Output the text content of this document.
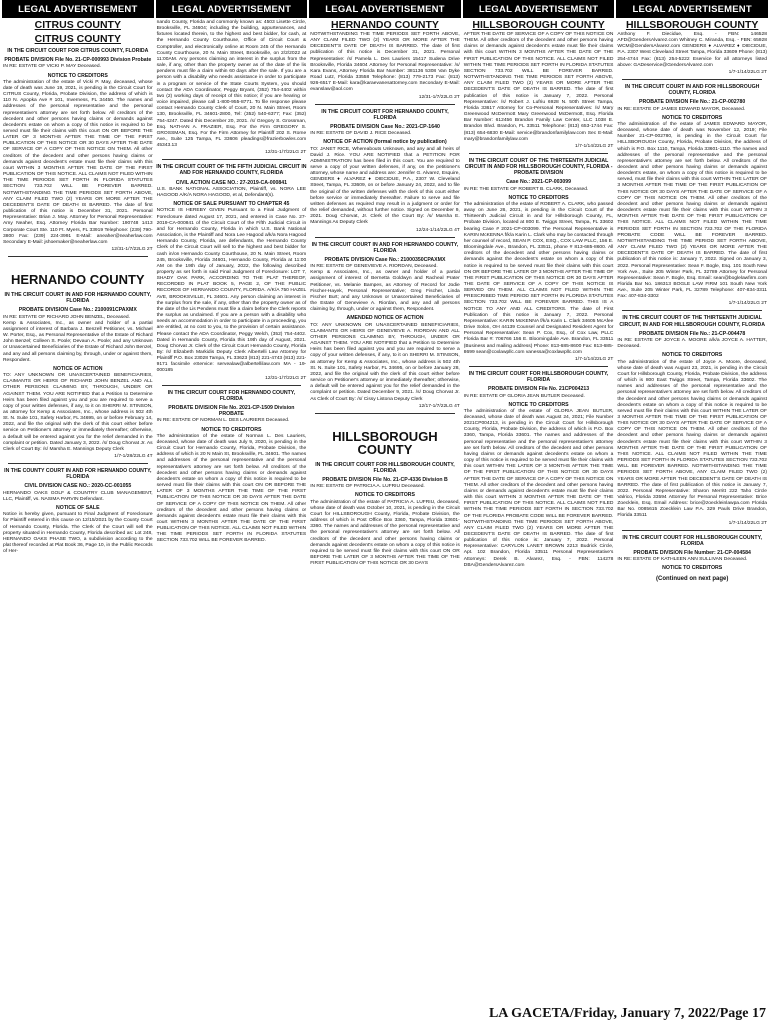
LEGAL ADVERTISEMENT
CITRUS COUNTY
CITRUS COUNTY
IN THE CIRCUIT COURT FOR CITRUS COUNTY, FLORIDA
PROBATE DIVISION File No. 21-CP-000993 Division Probate
IN RE: ESTATE OF VICKI P. MAY Deceased.
NOTICE TO CREDITORS
The administration of the estate of Vicki P. May, deceased, whose date of death was June 19, 2021, is pending in the Circuit Court for CITRUS County, Florida, Probate Division, the address of which is 110 N. Apopka Ave # 101, Inverness, FL 34450. The names and addresses of the personal representative and the personal representative's attorney are set forth below. All creditors of the decedent and other persons having claims or demands against decedent's estate on whom a copy of this notice is required to be served must file their claims with this court ON OR BEFORE THE LATER OF 3 MONTHS AFTER THE TIME OF THE FIRST PUBLICATION OF THIS NOTICE OR 30 DAYS AFTER THE DATE OF SERVICE OF A COPY OF THIS NOTICE ON THEM. All other creditors of the decedent and other persons having claims or demands against decedent's estate must file their claims with this court WITHIN 3 MONTHS AFTER THE DATE OF THE FIRST PUBLICATION OF THIS NOTICE. ALL CLAIMS NOT FILED WITHIN THE TIME PERIODS SET FORTH IN FLORIDA STATUTES SECTION 733.702 WILL BE FOREVER BARRED. NOTWITHSTANDING THE TIME PERIODS SET FORTH ABOVE, ANY CLAIM FILED TWO (2) YEARS OR MORE AFTER THE DECEDENT'S DATE OF DEATH IS BARRED. The date of first publication of this notice is December 31, 2021. Personal Representative: Brian J. May. Attorney for Personal Representative: Amy Neaher, Esq. Attorney Florida Bar Number: 190748 1413 Corporate Court Ste. 110 Ft. Myers, FL 33919 Telephone: (239) 790-3800 Fax: (239) 224-3991 E-Mail: aneaher@neaherlaw.com Secondary E-Mail: jshoemaker@neaherlaw.com
12/31-1/7/22LG 2T
HERNANDO COUNTY
IN THE CIRCUIT COURT IN AND FOR HERNANDO COUNTY, FLORIDA
PROBATE DIVISION Case No.: 2100091CPAXMX
IN RE: ESTATE OF RICHARD JOHN BENZEL, Deceased.
Kemp & Associates, Inc., as owner and holder of a partial assignment of interest of Barbara J. Benzell Petitioner, vs. Michael W. Porter, Esq., as Personal Representative of the Estate of Richard John Benzel; Colleen S. Poole; Devaun A. Poole; and any Unknown or Unascertained Beneficiaries of the Estate of Richard John Benzel, and any and all persons claiming by, through, under or against them, Respondent.
NOTICE OF ACTION
TO: ANY UNKNOWN OR UNASCERTAINED BENEFICIARIES, CLAIMANTS OR HEIRS OF RICHARD JOHN BENZEL AND ALL OTHER PERSONS CLAIMING BY, THROUGH, UNDER OR AGAINST THEM. YOU ARE NOTIFIED that a Petition to Determine Heirs has been filed against you and you are required to serve a copy of your written defenses, if any, to it on SHERRI M. STINSON, as attorney for Kemp & Associates, Inc., whose address is 502 4th St. N. Suite 101, Safety Harbor, FL 34695, on or before February 14, 2022, and file the original with the clerk of this court either before service on Petitioner's attorney or immediately thereafter; otherwise, a default will be entered against you for the relief demanded in the complaint or petition. Dated January 3, 2022. /s/ Doug Chorvat Jr. As Clerk of Court By: /s/ Marsha E. Mannings Deputy Clerk
1/7-1/28/22LG 4T
IN THE COUNTY COURT IN AND FOR HERNANDO COUNTY, FLORIDA
CIVIL DIVISION CASE NO.: 2020-CC-001055
HERNANDO OAKS GOLF & COUNTRY CLUB MANAGEMENT, LLC, Plaintiff, vs. NASIMA PARVIN Defendant.
NOTICE OF SALE
Notice is hereby given, pursuant to Final Judgment of Foreclosure for Plaintiff entered in this cause on 12/15/2021 by the County Court of Hernando County, Florida. The Clerk of the Court will sell the property situated in Hernando County, Florida described as: Lot 248, HERNANDO OAKS PHASE TWO, a subdivision according to the plat thereof recorded at Plat Book 36, Page 10, in the Public Records of Her-
LEGAL ADVERTISEMENT
nando County, Florida and commonly known as: 4503 Lisette Circle, Brooksville, FL 34604; including the building, appurtenances, and fixtures located therein, to the highest and best bidder, for cash, at the Hernando County Courthouse, Office of Circuit Court & Comptroller, and electronically online at Room 245 of the Hernando County Courthouse, 20 N. Main Street, Brooksville, on 2/2/2022 at 11:00AM. Any persons claiming an interest in the surplus from the sale, if any, other than the property owner as of the date of the lis pendens must file a claim within 60 days after the sale. If you are a person with a disability who needs assistance in order to participate in a program or service of the State Courts System, you should contact the ADA Coordinator, Peggy Bryant, (352) 754-4402 within two (2) working days of receipt of this notice; if you are hearing or voice impaired, please call 1-800-955-8771. To file response please contact Hernando County Clerk of Court, 20 N. Main Street, Room 130, Brooksville, FL 34601-2800, Tel: (352) 540-6377; Fax: (352) 754-4247. Dated this December 20, 2021. /s/ Gregory S. Grossman, Esq. NATHAN A. FRAZIER, Esq. For the Firm GREGORY S. GROSSMAN, Esq. For the Firm Attorney for Plaintiff 202 S. Rome Ave., Suite 125 Tampa, FL 33606 pleadings@frazierbowles.com 45343.13
12/31-1/7/22LG 2T
IN THE CIRCUIT COURT OF THE FIFTH JUDICIAL CIRCUIT IN AND FOR HERNANDO COUNTY, FLORIDA
CIVIL ACTION CASE NO.: 27-2019-CA-000841
U.S. BANK NATIONAL ASSOCIATION, Plaintiff, vs. NORA LEE HAGOOD A/K/A NORA HAGOOD, et al, Defendant(s).
NOTICE OF SALE PURSUANT TO CHAPTER 45
NOTICE IS HEREBY GIVEN Pursuant to a Final Judgment of Foreclosure dated August 17, 2021, and entered in Case No. 27-2019-CA-000841 of the Circuit Court of the Fifth Judicial Circuit in and for Hernando County, Florida in which U.S. Bank National Association, is the Plaintiff and Nora Lee Hagood a/k/a Nora Hagood Hernando County, Florida, are defendants, the Hernando County Clerk of the Circuit Court will sell to the highest and best bidder for cash in/on Hernando County Courthouse, 20 N. Main Street, Room 245, Brooksville, Florida 34601, Hernando County, Florida at 11:00 AM on the 19th day of January, 2022, the following described property as set forth in said Final Judgment of Foreclosure: LOT 7, SHADY OAK PARK, ACCORDING TO THE PLAT THEREOF, RECORDED IN PLAT BOOK 5, PAGE 2, OF THE PUBLIC RECORDS OF HERNANDO COUNTY, FLORIDA. A/K/A 750 HAZEL AVE, BROOKSVILLE, FL 34601. Any person claiming an interest in the surplus from the sale, if any, other than the property owner as of the date of the Lis Pendens must file a claim before the Clerk reports the surplus as unclaimed. If you are a person with a disability who needs an accommodation in order to participate in a proceeding, you are entitled, at no cost to you, to the provision of certain assistance. Please contact the ADA Coordinator, Peggy Welch, (352) 754-4402. Dated in Hernando County, Florida this 19th day of August, 2021. Doug Chorvat Jr. Clerk of the Circuit Court Hernando County, Florida By: /s/ Elizabeth Markidis Deputy Clerk Albertelli Law Attorney for Plaintiff P.O. Box 23028 Tampa, FL 33623 (813) 221-4743 (813) 221-9171 facsimile eService: servealaw@albertellilaw.com MA - 19-000185
12/31-1/7/22LG 2T
IN THE CIRCUIT COURT FOR HERNANDO COUNTY, FLORIDA
PROBATE DIVISION File No. 2021-CP-1509 Division PROBATE
IN RE: ESTATE OF NORMAN L. DES LAURIERS Deceased.
NOTICE TO CREDITORS
The administration of the estate of Norman L. Des Lauriers, deceased, whose date of death was July 9, 2020, is pending in the Circuit Court for Hernando County, Florida, Probate Division, the address of which is 20 N Main St, Brooksville, FL 34601. The names and addresses of the personal representative and the personal representative's attorney are set forth below. All creditors of the decedent and other persons having claims or demands against decedent's estate on whom a copy of this notice is required to be served must file their claims with this court ON OR BEFORE THE LATER OF 3 MONTHS AFTER THE TIME OF THE FIRST PUBLICATION OF THIS NOTICE OR 30 DAYS AFTER THE DATE OF SERVICE OF A COPY OF THIS NOTICE ON THEM. All other creditors of the decedent and other persons having claims or demands against decedent's estate must file their claims with this court WITHIN 3 MONTHS AFTER THE DATE OF THE FIRST PUBLICATION OF THIS NOTICE. ALL CLAIMS NOT FILED WITHIN THE TIME PERIODS SET FORTH IN FLORIDA STATUTES SECTION 733.702 WILL BE FOREVER BARRED.
LEGAL ADVERTISEMENT
HERNANDO COUNTY
NOTWITHSTANDING THE TIME PERIODS SET FORTH ABOVE, ANY CLAIM FILED TWO (2) YEARS OR MORE AFTER THE DECEDENT'S DATE OF DEATH IS BARRED. The date of first publication of this notice is December 31, 2021. Personal Representative: /s/ Pamela L. Des Lauriers 15417 Sudena Drive Brooksville, Florida 34604 Attorney for Personal Representative: /s/ Kara Evans, Attorney Florida Bar Number: 381136 5308 Van Dyke Road Lutz, Florida 33558 Telephone: (813) 779-2173 Fax: (813) 926-6517 E-Mail: kara@karaevanesattorney.com Secondary E-Mail: evanslaw@aol.com
12/31-1/7/22LG 2T
IN THE CIRCUIT COURT FOR HERNANDO COUNTY, FLORIDA
PROBATE DIVISION Case No.: 2021-CP-1640
IN RE: ESTATE OF DAVID J. RICE Deceased.
NOTICE OF ACTION (formal notice by publication)
TO: JANET RICE, Whereabouts Unknown, and any and all heirs of David J. Rice. YOU ARE NOTIFIED that a PETITION FOR ADMINISTRATION has been filed in this court. You are required to serve a copy of your written defenses, if any, on the petitioner's attorney, whose name and address are: Jennifer G. Alvarez, Esquire, GENDERS ♦ ALVAREZ ♦ DIECIDUE, P.A., 2307 W. Cleveland Street, Tampa, FL 33609, on or before January 24, 2022, and to file the original of the written defenses with the clerk of this court either before service or immediately thereafter. Failure to serve and file written defenses as required may result in a judgment or order for the relief demanded, without further notice. Signed on December 9, 2021. Doug Chorvat, Jr. Clerk of the Court By: /s/ Marsha E. Mannings As Deputy Clerk
12/24-1/14/22LG 4T
IN THE CIRCUIT COURT IN AND FOR HERNANDO COUNTY, FLORIDA
PROBATE DIVISION Case No.: 21000350CPAXMX
IN RE: ESTATE OF GENEVIEVE A. RIORDAN, Deceased.
Kemp & Associates, Inc., as owner and holder of a partial assignment of interest of Bernetta Goldwyn and Racheal Prater Petitioner, vs. Melanie Bampes, as Attorney of Record for Jodie Fischer-Hayek, Personal Representative; Greg Fischer, Linda Fischer Burt; and any Unknown or Unascertained Beneficiaries of the Estate of Genevieve A. Riordan, and any and all persons claiming by, through, under or against them, Respondent.
AMENDED NOTICE OF ACTION
TO: ANY UNKNOWN OR UNASCERTAINED BENEFICIARIES, CLAIMANTS OR HEIRS OF GENEVIEVE A. RIORDAN AND ALL OTHER PERSONS CLAIMING BY, THROUGH, UNDER OR AGAINST THEM. YOU ARE NOTIFIED that a Petition to Determine Heirs has been filed against you and you are required to serve a copy of your written defenses, if any, to it on SHERRI M. STINSON, as attorney for Kemp & Associates, Inc., whose address is 502 4th St. N. Suite 101, Safety Harbor, FL 34695, on or before January 28, 2022, and file the original with the clerk of this court either before service on Petitioner's attorney or immediately thereafter; otherwise, a default will be entered against you for the relief demanded in the complaint or petition. Dated December 9, 2021. /s/ Doug Chorvat Jr. As Clerk of Court By: /s/ Cissy Listona Deputy Clerk
12/17-1/7/22LG 4T
HILLSBOROUGH COUNTY
IN THE CIRCUIT COURT FOR HILLSBOROUGH COUNTY, FLORIDA
PROBATE DIVISION File No. 21-CP-4336 Division B
IN RE: ESTATE OF PATRICIA A. LUFRIU Deceased.
NOTICE TO CREDITORS
The administration of the estate of PATRICIA A. LUFRIU, deceased, whose date of death was October 10, 2021, is pending in the Circuit Court for HILLSBOROUGH County, Florida, Probate Division, the address of which is Post Office Box 3360, Tampa, Florida 33601-3360. The names and addresses of the personal representative and the personal representative's attorney are set forth below. All creditors of the decedent and other persons having claims or demands against decedent's estate on whom a copy of this notice is required to be served must file their claims with this court ON OR BEFORE THE LATER OF 3 MONTHS AFTER THE TIME OF THE FIRST PUBLICATION OF THIS NOTICE OR 30 DAYS
LEGAL ADVERTISEMENT
HILLSBOROUGH COUNTY
AFTER THE DATE OF SERVICE OF A COPY OF THIS NOTICE ON THEM. All other creditors of the decedent and other persons having claims or demands against decedent's estate must file their claims with this court WITHIN 3 MONTHS AFTER THE DATE OF THE FIRST PUBLICATION OF THIS NOTICE. ALL CLAIMS NOT FILED WITHIN THE TIME PERIODS SET FORTH IN FLORIDA STATUTES SECTION 733.702 WILL BE FOREVER BARRED. NOTWITHSTANDING THE TIME PERIODS SET FORTH ABOVE, ANY CLAIM FILED TWO (2) YEARS OR MORE AFTER THE DECEDENT'S DATE OF DEATH IS BARRED. The date of first publication of this notice is January 7, 2022. Personal Representative: /s/ Robert J. Lufriu 6928 N. 50th Street Tampa, Florida 33617 Attorney for Co-Personal Representatives: /s/ Mary Greenwood McDermott Mary Greenwood McDermott, Esq. Florida Bar Number: 612456 Brandon Family Law Center, LLC 1038 E. Brandon Blvd. Brandon, FL 33511 Telephone: (813) 653-1744 Fax: (813) 654-6830 E-Mail: service@brandonfamilylaw.com Sec E-Mail: mary@brandonfamilylaw.com
1/7-1/14/22LG 2T
IN THE CIRCUIT COURT OF THE THIRTEENTH JUDICIAL CIRCUIT IN AND FOR HILLSBOROUGH COUNTY, FLORIDA - PROBATE DIVISION
Case No.: 2021-CP-003099
IN RE: THE ESTATE OF ROBERT B. CLARK, Deceased.
NOTICE TO CREDITORS
The administration of the estate of ROBERT A. CLARK, who passed away on June 26, 2021, is pending in the Circuit Court of the Thirteenth Judicial Circuit in and for Hillsborough County, FL, Probate Division, located at 800 E. Twiggs Street, Tampa, FL 33602 bearing Case # 2021-CP-003099. The Personal Representative is KARIN McKENNA f/k/a Karin L. Clark who may be contacted through her counsel of record, SEAN P. COX, ESQ., COX LAW PLLC, 156 E. Bloomingdale Ave., Brandon, FL 33511, phone # 813-685-8600. All creditors of the decedent and other persons having claims or demands against the decedent's estate on whom a copy of this notice is required to be served must file their claims with this court ON OR BEFORE THE LATER OF 3 MONTHS AFTER THE TIME OF THE FIRST PUBLICATION OF THIS NOTICE OR 30 DAYS AFTER THE DATE OF SERVICE OF A COPY OF THIS NOTICE IS SERVED ON THEM. ALL CLAIMS NOT FILED WITHIN THE PRESCRIBED TIME PERIOD SET FORTH IN FLORIDA STATUTES SECTION 733.702 WILL BE FOREVER BARRED. THIS IS A NOTICE TO ANY AND ALL CREDITORS. The date of First Publication of this notice is January 7, 2022. Personal Representative: KARIN McKENNA f/k/a Karin L. Clark 34605 McAfee Drive Solon, OH 44139 Counsel and Designated Resident Agent for Personal Representative: Sean P. Cox, Esq., of Cox Law, PLLC Florida Bar #: 706766 156 E. Bloomingdale Ave. Brandon, FL 33511 (Business and mailing address) Phone: 813-685-8600 Fax: 813-685-8699 sean@coxlawpllc.com vanessa@coxlawpllc.com
1/7-1/14/22LG 2T
IN THE CIRCUIT COURT FOR HILLSBOROUGH COUNTY, FLORIDA
PROBATE DIVISION File No. 21CP004213
IN RE: ESTATE OF GLORIA JEAN BUTLER Deceased.
NOTICE TO CREDITORS
The administration of the estate of GLORIA JEAN BUTLER, deceased, whose date of death was August 24, 2021; File Number 2021CP004213, is pending in the Circuit Court for Hillsborough County, Florida, Probate Division, the address of which is P.O. Box 3360, Tampa, Florida 33601. The names and addresses of the personal representative and the personal representative's attorney are set forth below. All creditors of the decedent and other persons having claims or demands against decedent's estate on whom a copy of this notice is required to be served must file their claims with this court WITHIN THE LATER OF 3 MONTHS AFTER THE TIME OF THE FIRST PUBLICATION OF THIS NOTICE OR 30 DAYS AFTER THE DATE OF SERVICE OF A COPY OF THIS NOTICE ON THEM. All other creditors of the decedent and other persons having claims or demands against decedent's estate must file their claims with this court WITHIN 3 MONTHS AFTER THE DATE OF THE FIRST PUBLICATION OF THIS NOTICE. ALL CLAIMS NOT FILED WITHIN THE TIME PERIODS SET FORTH IN SECTION 733.702 OF THE FLORIDA PROBATE CODE WILL BE FOREVER BARRED. NOTWITHSTANDING THE TIME PERIODS SET FORTH ABOVE, ANY CLAIM FILED TWO (2) YEARS OR MORE AFTER THE DECEDENT'S DATE OF DEATH IS BARRED. The date of first publication of this notice is: January 7, 2022. Personal Representative: CARYLON LANET BROWN 2213 Budrick Circle, Apt. 102 Brandon, Florida 33511 Personal Representative's Attorneys: Derek B. Alvarez, Esq. - FBN: 114278 DBA@GendersAlvarez.com
LEGAL ADVERTISEMENT
HILLSBOROUGH COUNTY
Anthony F. Diecidue, Esq. - FBN: 146528 AFD@GendersAlvarez.com Whitney C. Miranda, Esq. - FBN: 65928 WCM@GendersAlvarez.com GENDERS ♦ ALVAREZ ♦ DIECIDUE, P.A. 2307 West Cleveland Street Tampa, Florida 33609 Phone: (813) 254-4744 Fax: (813) 254-5222 Eservice for all attorneys listed above: GADeservice@GendersAlvarez.com
1/7-1/14/22LG 2T
IN THE CIRCUIT COURT IN AND FOR HILLSBOROUGH COUNTY, FLORIDA
PROBATE DIVISION File No.: 21-CP-002780
IN RE: ESTATE OF JAMES EDWARD MAYOR, Deceased.
NOTICE TO CREDITORS
The administration of the estate of JAMES EDWARD MAYOR, deceased, whose date of death was November 12, 2019; File Number 21-CP-002780, is pending in the Circuit Court for HILLSBOROUGH County, Florida, Probate Division, the address of which is P.O. Box 1110, Tampa, Florida 33601-1110. The names and addresses of the personal representative and the personal representative's attorney are set forth below. All creditors of the decedent and other persons having claims or demands against decedent's estate, on whom a copy of this notice is required to be served, must file their claims with this court WITHIN THE LATER OF 3 MONTHS AFTER THE TIME OF THE FIRST PUBLICATION OF THIS NOTICE OR 30 DAYS AFTER THE DATE OF SERVICE OF A COPY OF THIS NOTICE ON THEM. All other creditors of the decedent and other persons having claims or demands against decedent's estate must file their claims with this court WITHIN 3 MONTHS AFTER THE DATE OF THE FIRST PUBLICATION OF THIS NOTICE. ALL CLAIMS NOT FILED WITHIN THE TIME PERIODS SET FORTH IN SECTION 733.702 OF THE FLORIDA PROBATE CODE WILL BE FOREVER BARRED. NOTWITHSTANDING THE TIME PERIOD SET FORTH ABOVE, ANY CLAIM FILED TWO (2) YEARS OR MORE AFTER THE DECEDENT'S DATE OF DEATH IS BARRED. The date of first publication of this notice is: January 7, 2022. Signed on January 3, 2022. Personal Representative: Sean F. Bogle, Esq. 101 South New York Ave., Suite 205 Winter Park, FL 32789 Attorney for Personal Representative: Sean F. Bogle, Esq. Email: sean@boglelawfirm.com Florida Bar No. 186313 BOGLE LAW FIRM 101 South New York Ave., Suite 205 Winter Park, FL 32789 Telephone: 407-834-3311 Fax: 407-834-3302
1/7-1/14/22LG 2T
IN THE CIRCUIT COURT OF THE THIRTEENTH JUDICIAL CIRCUIT, IN AND FOR HILLSBOROUGH COUNTY, FLORIDA
PROBATE DIVISION File No.: 21-CP-004478
IN RE: ESTATE OF JOYCE A. MOORE a/k/a JOYCE A. HATTER, Deceased.
NOTICE TO CREDITORS
The administration of the estate of Joyce A. Moore, deceased, whose date of death was August 23, 2021, is pending in the Circuit Court for Hillsborough County, Florida, Probate Division, the address of which is 800 East Twiggs Street, Tampa, Florida 33602. The names and addresses of the personal representative and the personal representative's attorney are set forth below. All creditors of the decedent and other persons having claims or demands against decedent's estate on whom a copy of this notice is required to be served must file their claims with this court WITHIN THE LATER OF 3 MONTHS AFTER THE TIME OF THE FIRST PUBLICATION OF THIS NOTICE OR 30 DAYS AFTER THE DATE OF SERVICE OF A COPY OF THIS NOTICE ON THEM. All other creditors of the decedent and other persons having claims or demands against decedent's estate must file their claims with this court WITHIN 3 MONTHS AFTER THE DATE OF THE FIRST PUBLICATION OF THIS NOTICE. ALL CLAIMS NOT FILED WITHIN THE TIME PERIODS SET FORTH IN FLORIDA STATUTES SECTION 733.702 WILL BE FOREVER BARRED. NOTWITHSTANDING THE TIME PERIODS SET FORTH ABOVE, ANY CLAIM FILED TWO (2) YEARS OR MORE AFTER THE DECEDENT'S DATE OF DEATH IS BARRED. The date of first publication of this notice is January 7, 2022. Personal Representative: Sharon Merritt 222 Taho Circle Valrico, Florida 33594 Attorney for Personal Representative: Brice Zoecklein, Esq. Email Address: brice@zoeckleinlawpa.com Florida Bar No. 0085615 Zoecklein Law P.A. 329 Pauls Drive Brandon, Florida 33511
1/7-1/14/22LG 2T
IN THE CIRCUIT COURT FOR HILLSBOROUGH COUNTY, FLORIDA
PROBATE DIVISION File Number: 21-CP-004584
IN RE: ESTATE OF KATHLEEN ANN SULLIVAN Deceased.
NOTICE TO CREDITORS
(Continued on next page)
LA GACETA/Friday, January 7, 2022/Page 17
